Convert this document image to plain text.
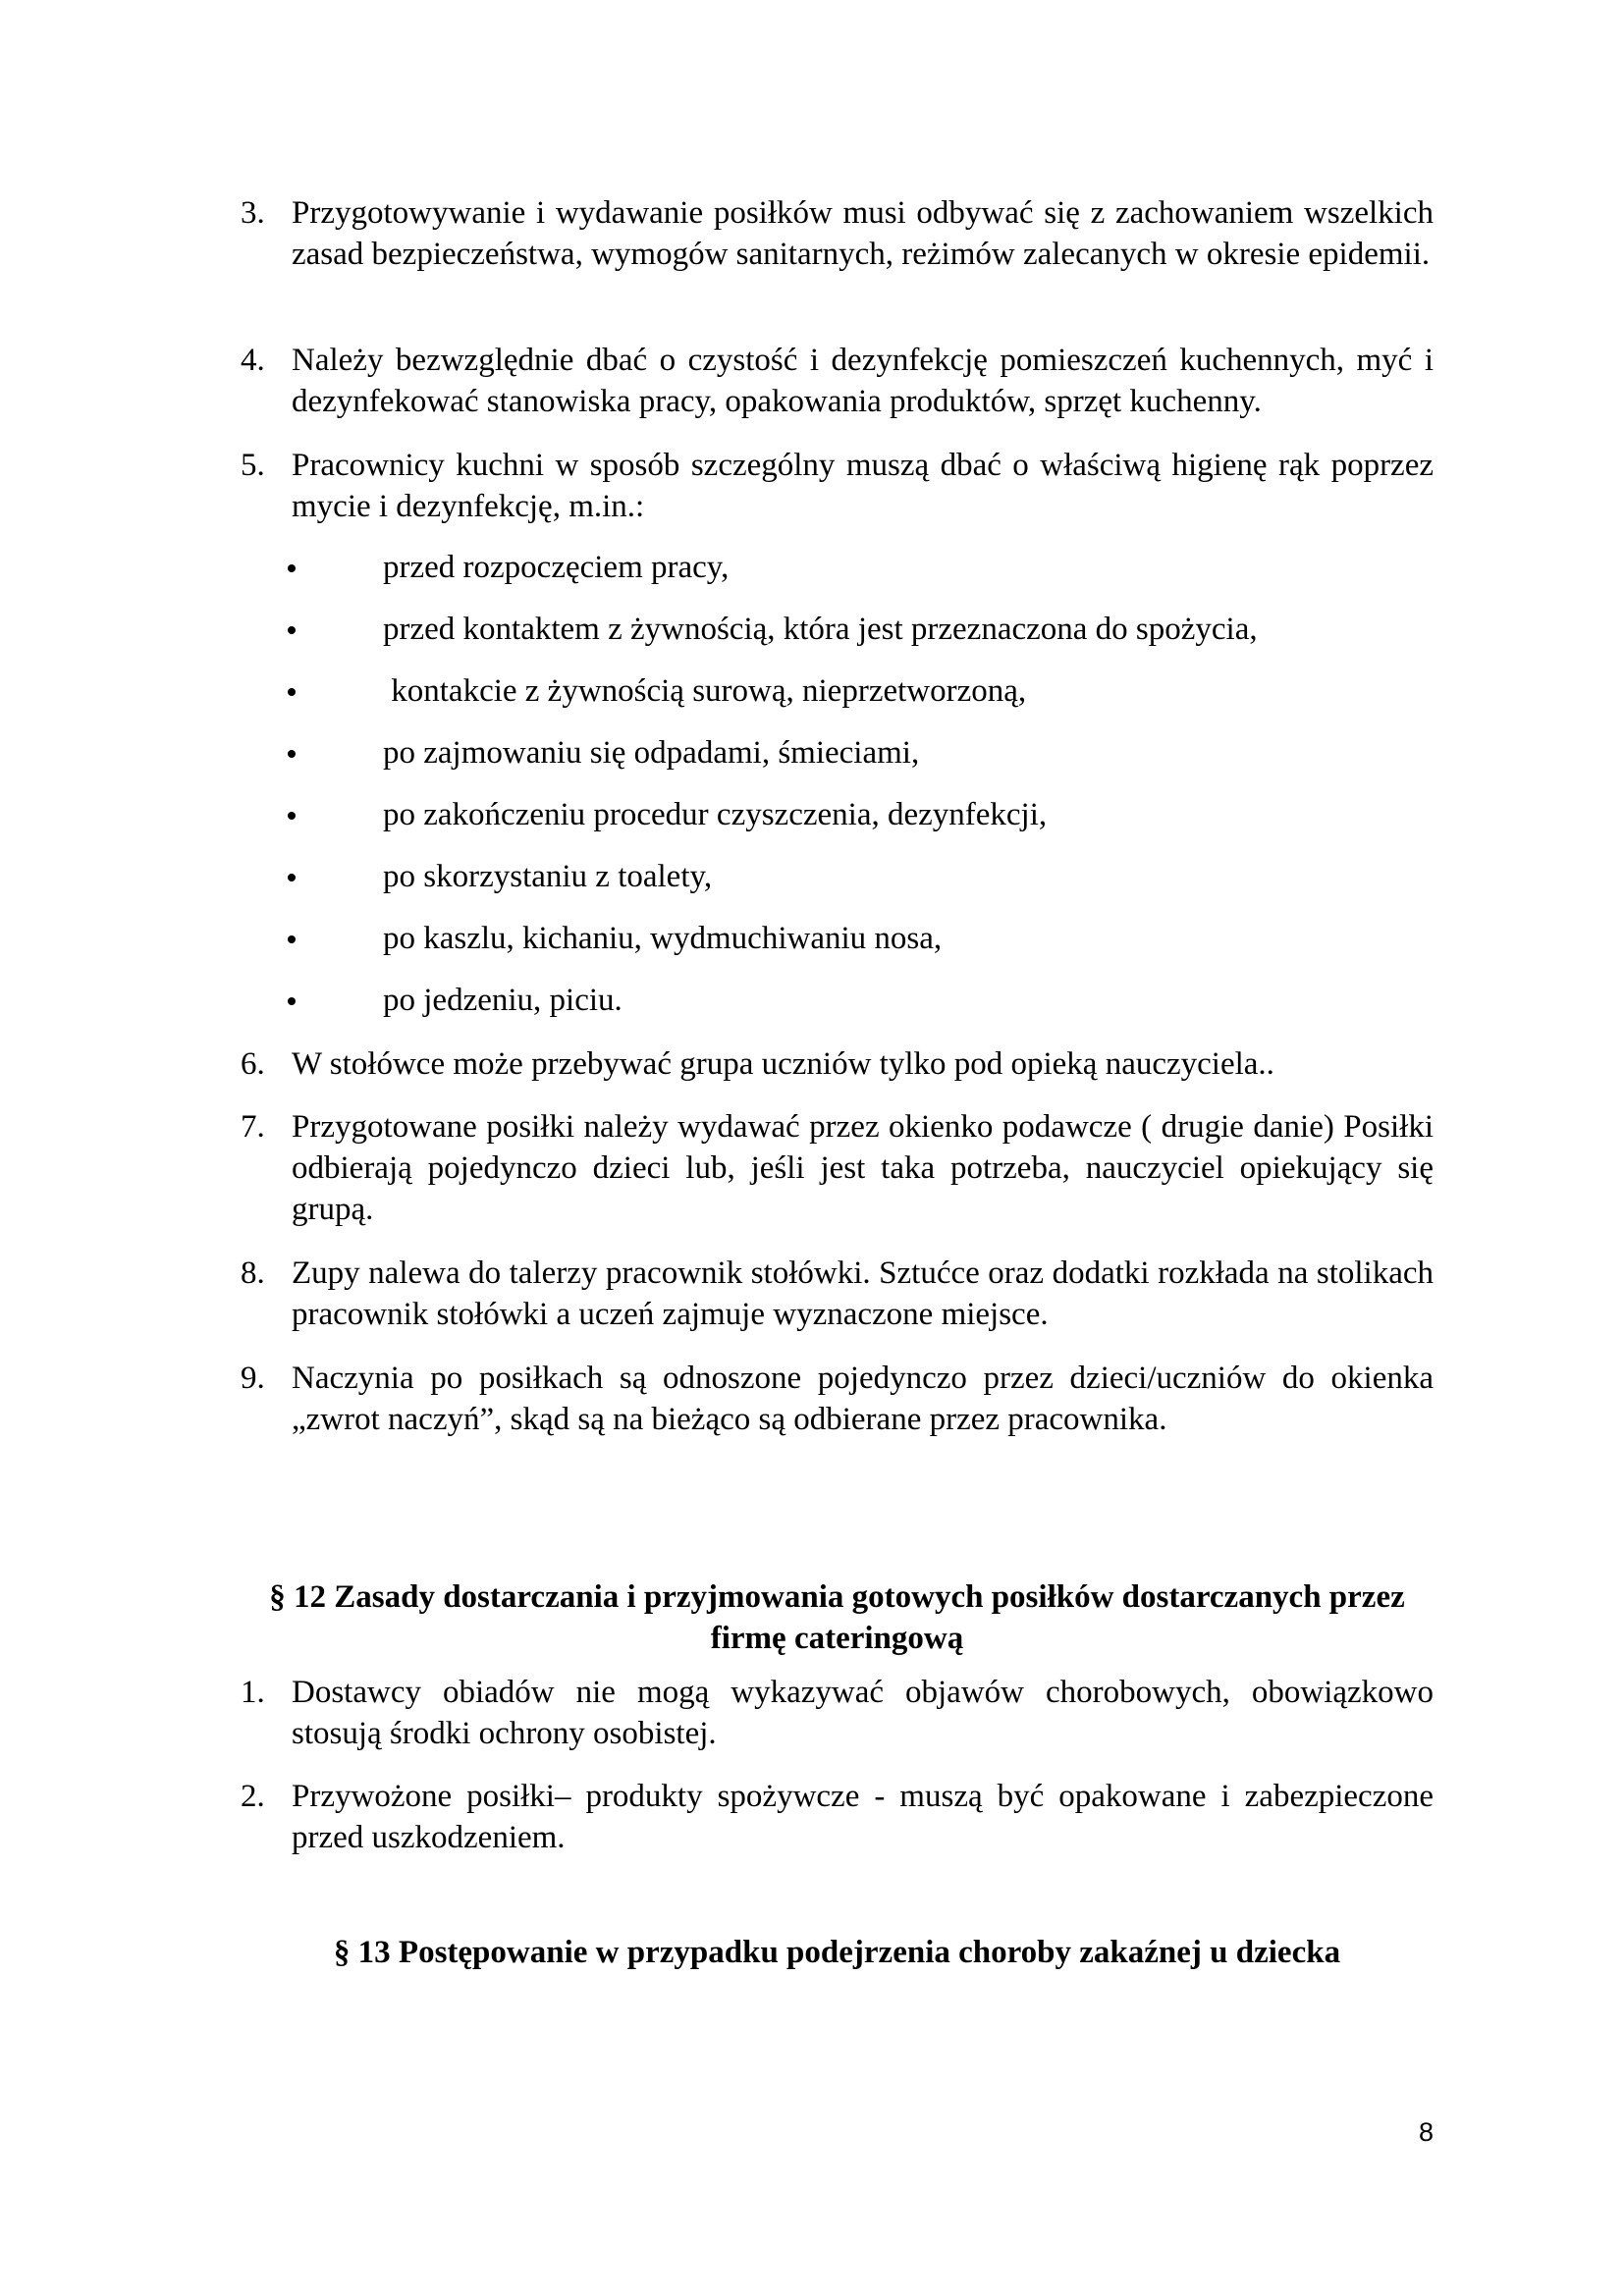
3. Przygotowywanie i wydawanie posiłków musi odbywać się z zachowaniem wszelkich zasad bezpieczeństwa, wymogów sanitarnych, reżimów zalecanych w okresie epidemii.
4. Należy bezwzględnie dbać o czystość i dezynfekcję pomieszczeń kuchennych, myć i dezynfekować stanowiska pracy, opakowania produktów, sprzęt kuchenny.
5. Pracownicy kuchni w sposób szczególny muszą dbać o właściwą higienę rąk poprzez mycie i dezynfekcję, m.in.:
przed rozpoczęciem pracy,
przed kontaktem z żywnością, która jest przeznaczona do spożycia,
kontakcie z żywnością surową, nieprzetworzoną,
po zajmowaniu się odpadami, śmieciami,
po zakończeniu procedur czyszczenia, dezynfekcji,
po skorzystaniu z toalety,
po kaszlu, kichaniu, wydmuchiwaniu nosa,
po jedzeniu, piciu.
6. W stołówce może przebywać grupa uczniów tylko pod opieką nauczyciela..
7. Przygotowane posiłki należy wydawać przez okienko podawcze ( drugie danie) Posiłki odbierają pojedynczo dzieci lub, jeśli jest taka potrzeba, nauczyciel opiekujący się grupą.
8. Zupy nalewa do talerzy pracownik stołówki. Sztućce oraz dodatki rozkłada na stolikach pracownik stołówki a uczeń zajmuje wyznaczone miejsce.
9. Naczynia po posiłkach są odnoszone pojedynczo przez dzieci/uczniów do okienka „zwrot naczyń”, skąd są na bieżąco są odbierane przez pracownika.
§ 12 Zasady dostarczania i przyjmowania gotowych posiłków dostarczanych przez
firmę cateringową
1. Dostawcy obiadów nie mogą wykazywać objawów chorobowych, obowiązkowo stosują środki ochrony osobistej.
2. Przywożone posiłki– produkty spożywcze - muszą być opakowane i zabezpieczone przed uszkodzeniem.
§ 13 Postępowanie w przypadku podejrzenia choroby zakaźnej u dziecka
8
